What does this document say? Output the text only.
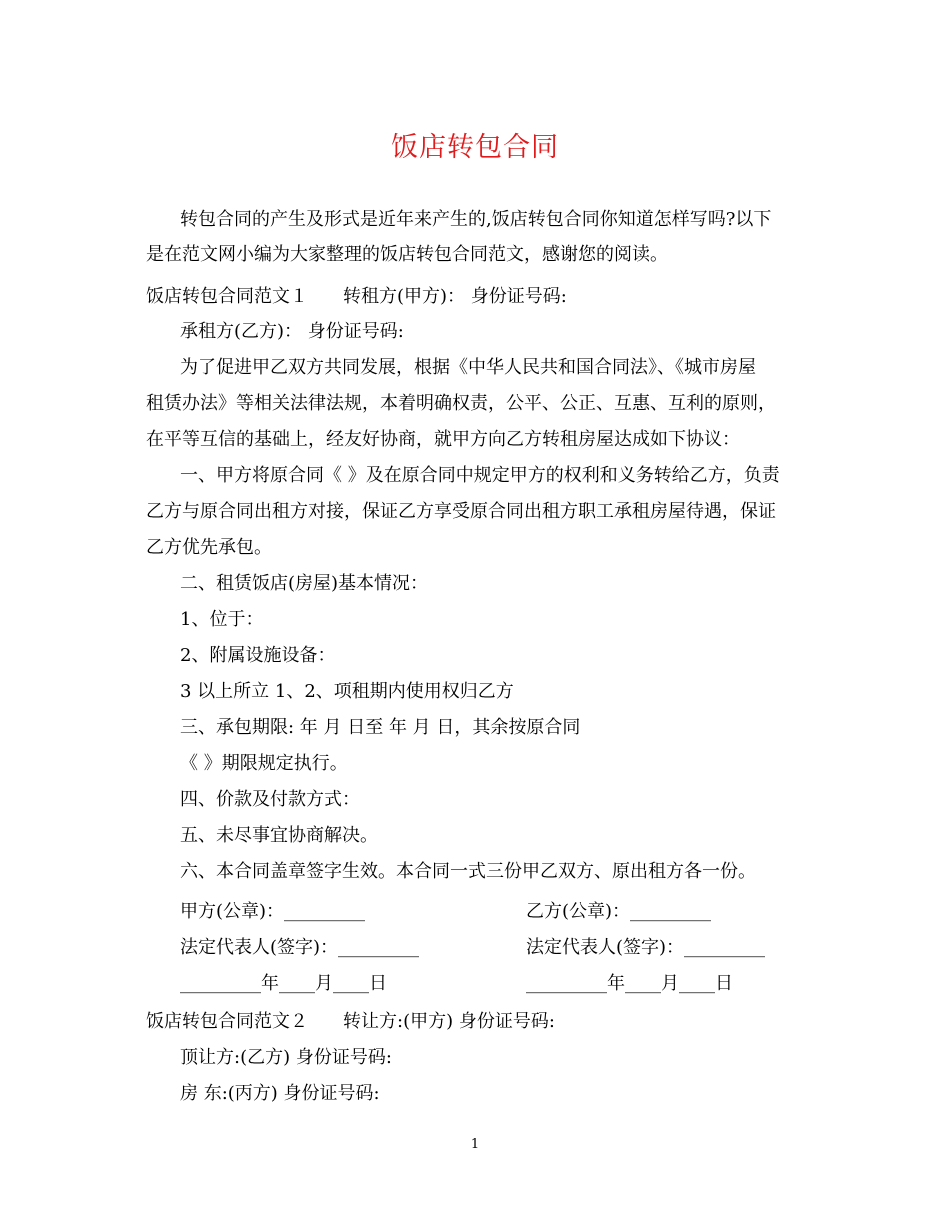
饭店转包合同
转包合同的产生及形式是近年来产生的,饭店转包合同你知道怎样写吗?以下
是在范文网小编为大家整理的饭店转包合同范文，感谢您的阅读。
饭店转包合同范文１ 转租方(甲方)： 身份证号码:
承租方(乙方)： 身份证号码:
为了促进甲乙双方共同发展，根据《中华人民共和国合同法》、《城市房屋
租赁办法》等相关法律法规，本着明确权责，公平、公正、互惠、互利的原则，
在平等互信的基础上，经友好协商，就甲方向乙方转租房屋达成如下协议：
一、甲方将原合同《 》及在原合同中规定甲方的权利和义务转给乙方，负责
乙方与原合同出租方对接，保证乙方享受原合同出租方职工承租房屋待遇，保证
乙方优先承包。
二、租赁饭店(房屋)基本情况：
1、位于：
2、附属设施设备：
3 以上所立 1、2、项租期内使用权归乙方
三、承包期限: 年 月 日至 年 月 日，其余按原合同
《 》期限规定执行。
四、价款及付款方式：
五、未尽事宜协商解决。
六、本合同盖章签字生效。本合同一式三份甲乙双方、原出租方各一份。
甲方(公章)：_________	乙方(公章)：_________
法定代表人(签字)：_________	法定代表人(签字)：_________
_________年____月____日	_________年____月____日
饭店转包合同范文２ 转让方:(甲方) 身份证号码:
顶让方:(乙方) 身份证号码:
房 东:(丙方) 身份证号码:
1
